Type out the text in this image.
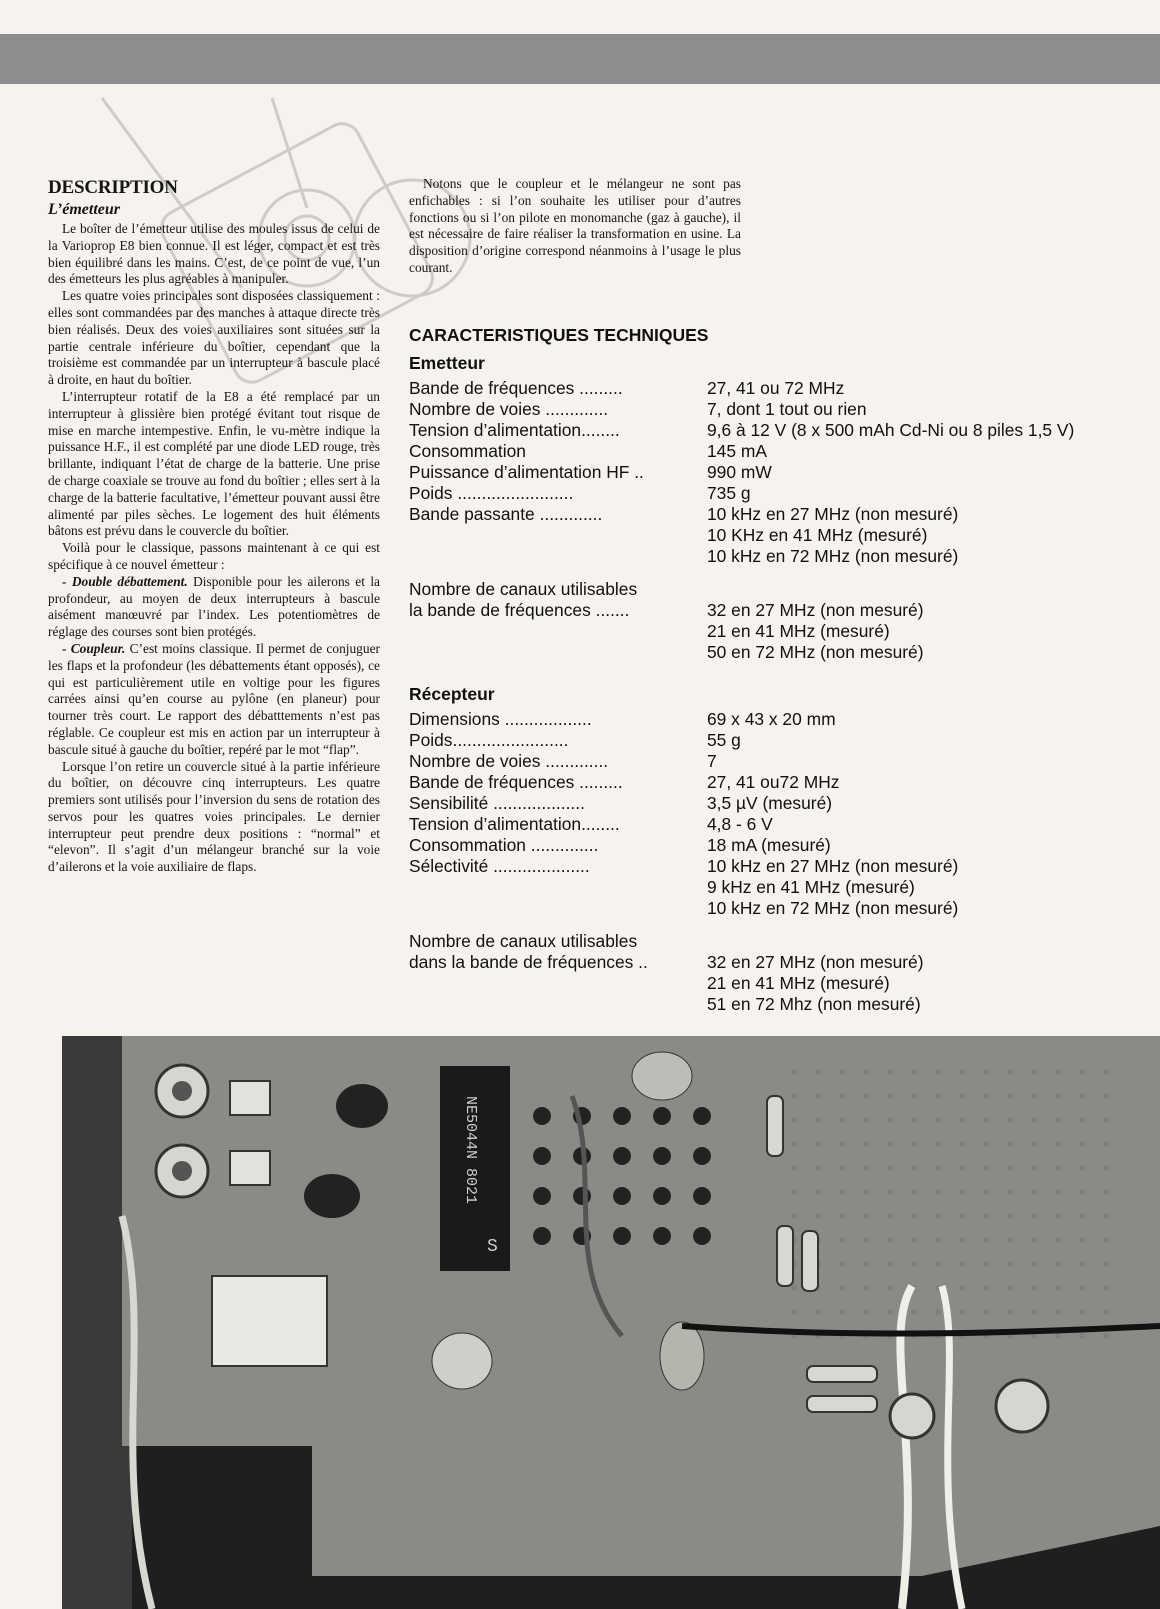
DESCRIPTION
L’émetteur

Le boîter de l’émetteur utilise des moules issus de celui de la Varioprop E8 bien connue. Il est léger, compact et est très bien équilibré dans les mains. C’est, de ce point de vue, l’un des émetteurs les plus agréables à manipuler.

Les quatre voies principales sont disposées classiquement : elles sont commandées par des manches à attaque directe très bien réalisés. Deux des voies auxiliaires sont situées sur la partie centrale inférieure du boîtier, cependant que la troisième est commandée par un interrupteur à bascule placé à droite, en haut du boîtier.

L’interrupteur rotatif de la E8 a été remplacé par un interrupteur à glissière bien protégé évitant tout risque de mise en marche intempestive. Enfin, le vu-mètre indique la puissance H.F., il est complété par une diode LED rouge, très brillante, indiquant l’état de charge de la batterie. Une prise de charge coaxiale se trouve au fond du boîtier ; elles sert à la charge de la batterie facultative, l’émetteur pouvant aussi être alimenté par piles sèches. Le logement des huit éléments bâtons est prévu dans le couvercle du boîtier.

Voilà pour le classique, passons maintenant à ce qui est spécifique à ce nouvel émetteur :

- Double débattement. Disponible pour les ailerons et la profondeur, au moyen de deux interrupteurs à bascule aisément manœuvré par l’index. Les potentiomètres de réglage des courses sont bien protégés.

- Coupleur. C’est moins classique. Il permet de conjuguer les flaps et la profondeur (les débattements étant opposés), ce qui est particulièrement utile en voltige pour les figures carrées ainsi qu’en course au pylône (en planeur) pour tourner très court. Le rapport des débatttements n’est pas réglable. Ce coupleur est mis en action par un interrupteur à bascule situé à gauche du boîtier, repéré par le mot “flap”.

Lorsque l’on retire un couvercle situé à la partie inférieure du boîtier, on découvre cinq interrupteurs. Les quatre premiers sont utilisés pour l’inversion du sens de rotation des servos pour les quatres voies principales. Le dernier interrupteur peut prendre deux positions : “normal” et “elevon”. Il s’agit d’un mélangeur branché sur la voie d’ailerons et la voie auxiliaire de flaps.

Notons que le coupleur et le mélangeur ne sont pas enfichables : si l’on souhaite les utiliser pour d’autres fonctions ou si l’on pilote en monomanche (gaz à gauche), il est nécessaire de faire réaliser la transformation en usine. La disposition d’origine correspond néanmoins à l’usage le plus courant.

CARACTERISTIQUES TECHNIQUES
Emetteur
Bande de fréquences .........	27, 41 ou 72 MHz
Nombre de voies .............	7, dont 1 tout ou rien
Tension d’alimentation........	9,6 à 12 V (8 x 500 mAh Cd-Ni ou 8 piles 1,5 V)
Consommation	145 mA
Puissance d’alimentation HF ..	990 mW
Poids ........................	735 g
Bande passante .............	10 kHz en 27 MHz (non mesuré)
10 KHz en 41 MHz (mesuré)
10 kHz en 72 MHz (non mesuré)
Nombre de canaux utilisables
la bande de fréquences .......	32 en 27 MHz (non mesuré)
21 en 41 MHz (mesuré)
50 en 72 MHz (non mesuré)
Récepteur
Dimensions ..................	69 x 43 x 20 mm
Poids........................	55 g
Nombre de voies .............	7
Bande de fréquences .........	27, 41 ou72 MHz
Sensibilité ...................	3,5 µV (mesuré)
Tension d’alimentation........	4,8 - 6 V
Consommation ..............	18 mA (mesuré)
Sélectivité ....................	10 kHz en 27 MHz (non mesuré)
9 kHz en 41 MHz (mesuré)
10 kHz en 72 MHz (non mesuré)
Nombre de canaux utilisables
dans la bande de fréquences ..	32 en 27 MHz (non mesuré)
21 en 41 MHz (mesuré)
51 en 72 Mhz (non mesuré)
NE5044N 8021
S
